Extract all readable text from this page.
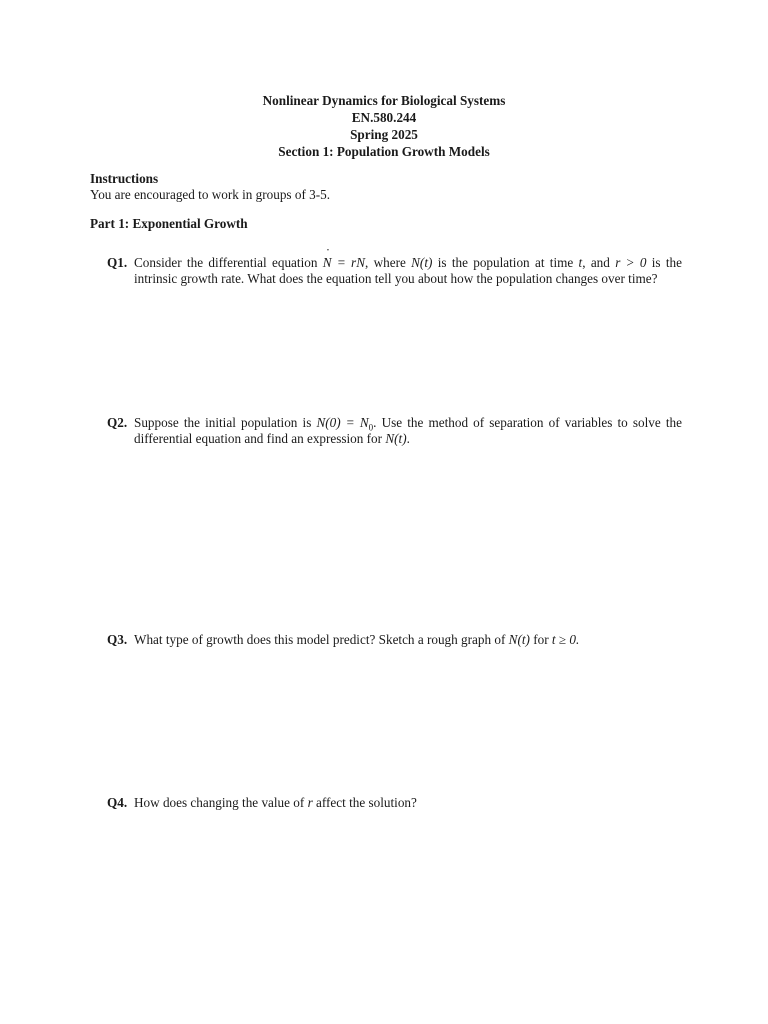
Nonlinear Dynamics for Biological Systems
EN.580.244
Spring 2025
Section 1: Population Growth Models
Instructions
You are encouraged to work in groups of 3-5.
Part 1: Exponential Growth
Q1. Consider the differential equation ˙ N = rN, where N(t) is the population at time t, and r > 0 is the intrinsic growth rate. What does the equation tell you about how the population changes over time?
Q2. Suppose the initial population is $N(0) = N_0$. Use the method of separation of variables to solve the differential equation and find an expression for N(t).
Q3. What type of growth does this model predict? Sketch a rough graph of N(t) for t ≥ 0.
Q4. How does changing the value of r affect the solution?
